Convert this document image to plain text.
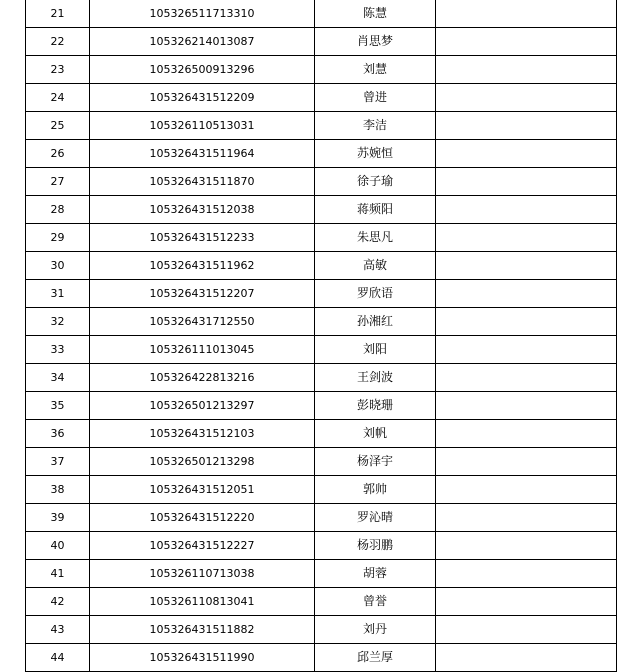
21	105326511713310	陈慧	
22	105326214013087	肖思梦	
23	105326500913296	刘慧	
24	105326431512209	曾进	
25	105326110513031	李洁	
26	105326431511964	苏婉恒	
27	105326431511870	徐子瑜	
28	105326431512038	蒋频阳	
29	105326431512233	朱思凡	
30	105326431511962	高敏	
31	105326431512207	罗欣语	
32	105326431712550	孙湘红	
33	105326111013045	刘阳	
34	105326422813216	王剑波	
35	105326501213297	彭晓珊	
36	105326431512103	刘帆	
37	105326501213298	杨泽宇	
38	105326431512051	郭帅	
39	105326431512220	罗沁晴	
40	105326431512227	杨羽鹏	
41	105326110713038	胡蓉	
42	105326110813041	曾誉	
43	105326431511882	刘丹	
44	105326431511990	邱兰厚	
